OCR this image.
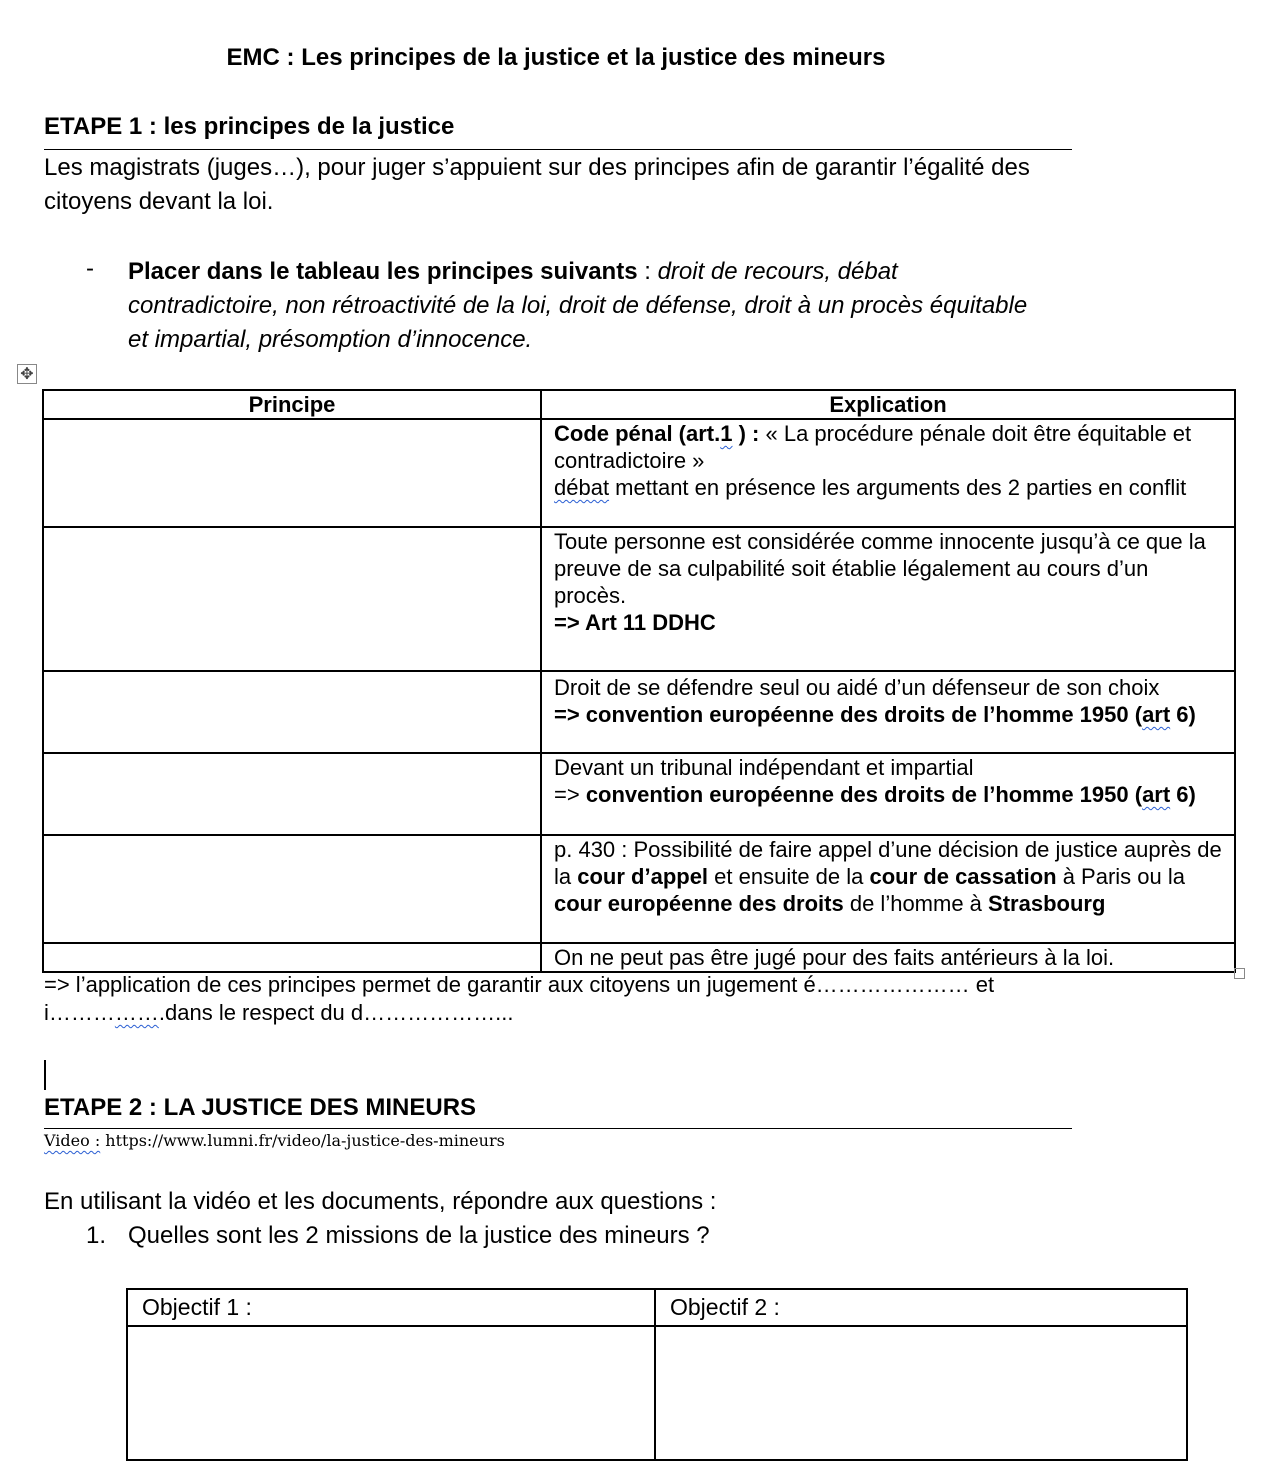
EMC : Les principes de la justice et la justice des mineurs
ETAPE 1 : les principes de la justice
Les magistrats (juges…), pour juger s’appuient sur des principes afin de garantir l’égalité des citoyens devant la loi.
- Placer dans le tableau les principes suivants : droit de recours, débat contradictoire, non rétroactivité de la loi, droit de défense, droit à un procès équitable et impartial, présomption d’innocence.
✥
Principe	Explication
	Code pénal (art.1 ) : « La procédure pénale doit être équitable et contradictoire »
débat mettant en présence les arguments des 2 parties en conflit
	Toute personne est considérée comme innocente jusqu’à ce que la preuve de sa culpabilité soit établie légalement au cours d’un procès.
=> Art 11 DDHC
	Droit de se défendre seul ou aidé d’un défenseur de son choix
=> convention européenne des droits de l’homme 1950 (art 6)
	Devant un tribunal indépendant et impartial
=> convention européenne des droits de l’homme 1950 (art 6)
	p. 430 : Possibilité de faire appel d’une décision de justice auprès de la cour d’appel et ensuite de la cour de cassation à Paris ou la cour européenne des droits de l’homme à Strasbourg
	On ne peut pas être jugé pour des faits antérieurs à la loi.
=> l’application de ces principes permet de garantir aux citoyens un jugement é………………… et
i…………….dans le respect du d………………...
ETAPE 2 : LA JUSTICE DES MINEURS
Video : https://www.lumni.fr/video/la-justice-des-mineurs
En utilisant la vidéo et les documents, répondre aux questions :
1. Quelles sont les 2 missions de la justice des mineurs ?
Objectif 1 :	Objectif 2 :
